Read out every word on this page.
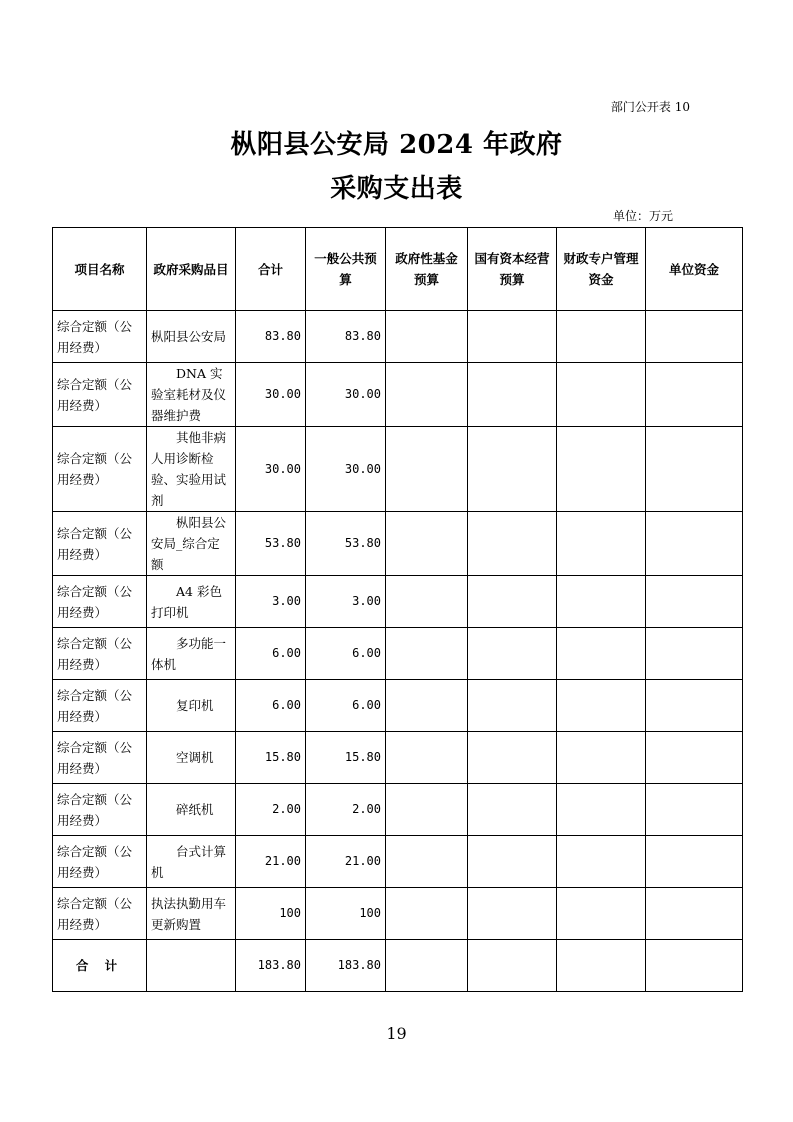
部门公开表 10
枞阳县公安局 2024 年政府
采购支出表
单位：万元
项目名称	政府采购品目	合计	一般公共预算	政府性基金预算	国有资本经营预算	财政专户管理资金	单位资金
综合定额（公用经费）	枞阳县公安局	83.80	83.80				
综合定额（公用经费）	　　DNA 实验室耗材及仪器维护费	30.00	30.00				
综合定额（公用经费）	　　其他非病人用诊断检验、实验用试剂	30.00	30.00				
综合定额（公用经费）	　　枞阳县公安局_综合定额	53.80	53.80				
综合定额（公用经费）	　　A4 彩色打印机	3.00	3.00				
综合定额（公用经费）	　　多功能一体机	6.00	6.00				
综合定额（公用经费）	　　复印机	6.00	6.00				
综合定额（公用经费）	　　空调机	15.80	15.80				
综合定额（公用经费）	　　碎纸机	2.00	2.00				
综合定额（公用经费）	　　台式计算机	21.00	21.00				
综合定额（公用经费）	执法执勤用车更新购置	100	100				
合 计		183.80	183.80				
19
